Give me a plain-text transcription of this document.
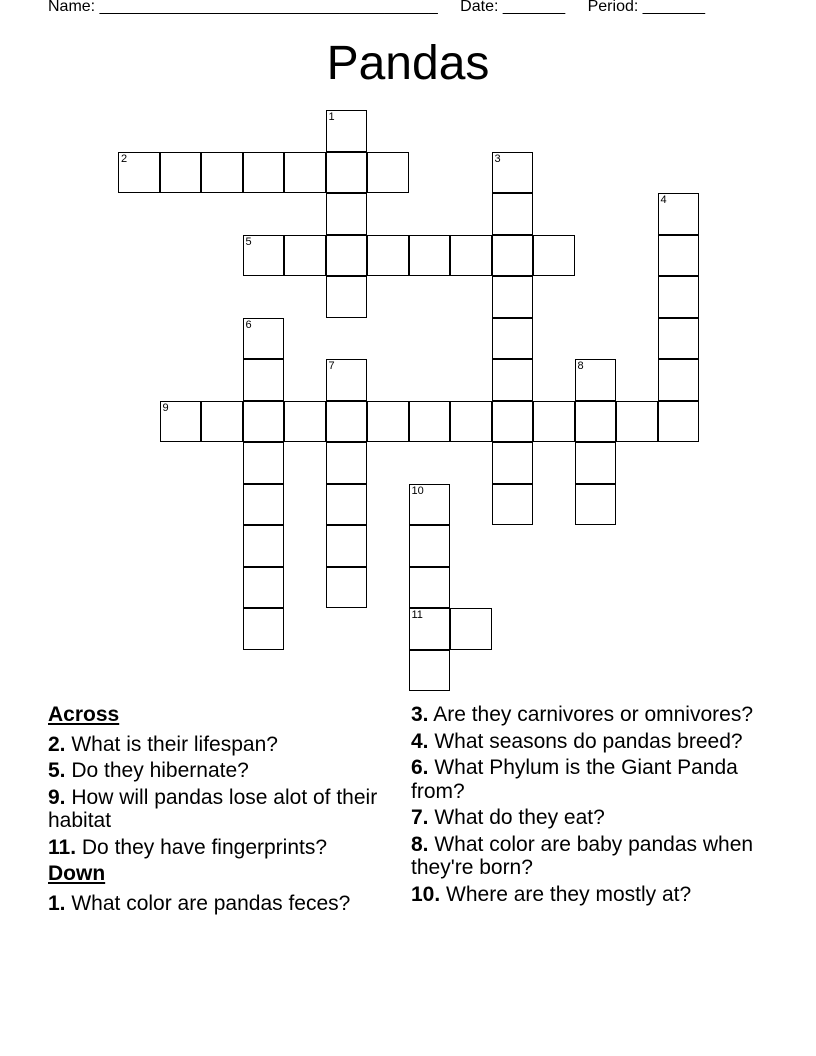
Name: ______________________________________ Date: _______ Period: _______
Pandas
1
2	3
4
5
6
7	8
9
10
11
Across
2. What is their lifespan?
5. Do they hibernate?
9. How will pandas lose alot of their habitat
11. Do they have fingerprints?
Down
1. What color are pandas feces?
3. Are they carnivores or omnivores?
4. What seasons do pandas breed?
6. What Phylum is the Giant Panda from?
7. What do they eat?
8. What color are baby pandas when they're born?
10. Where are they mostly at?
